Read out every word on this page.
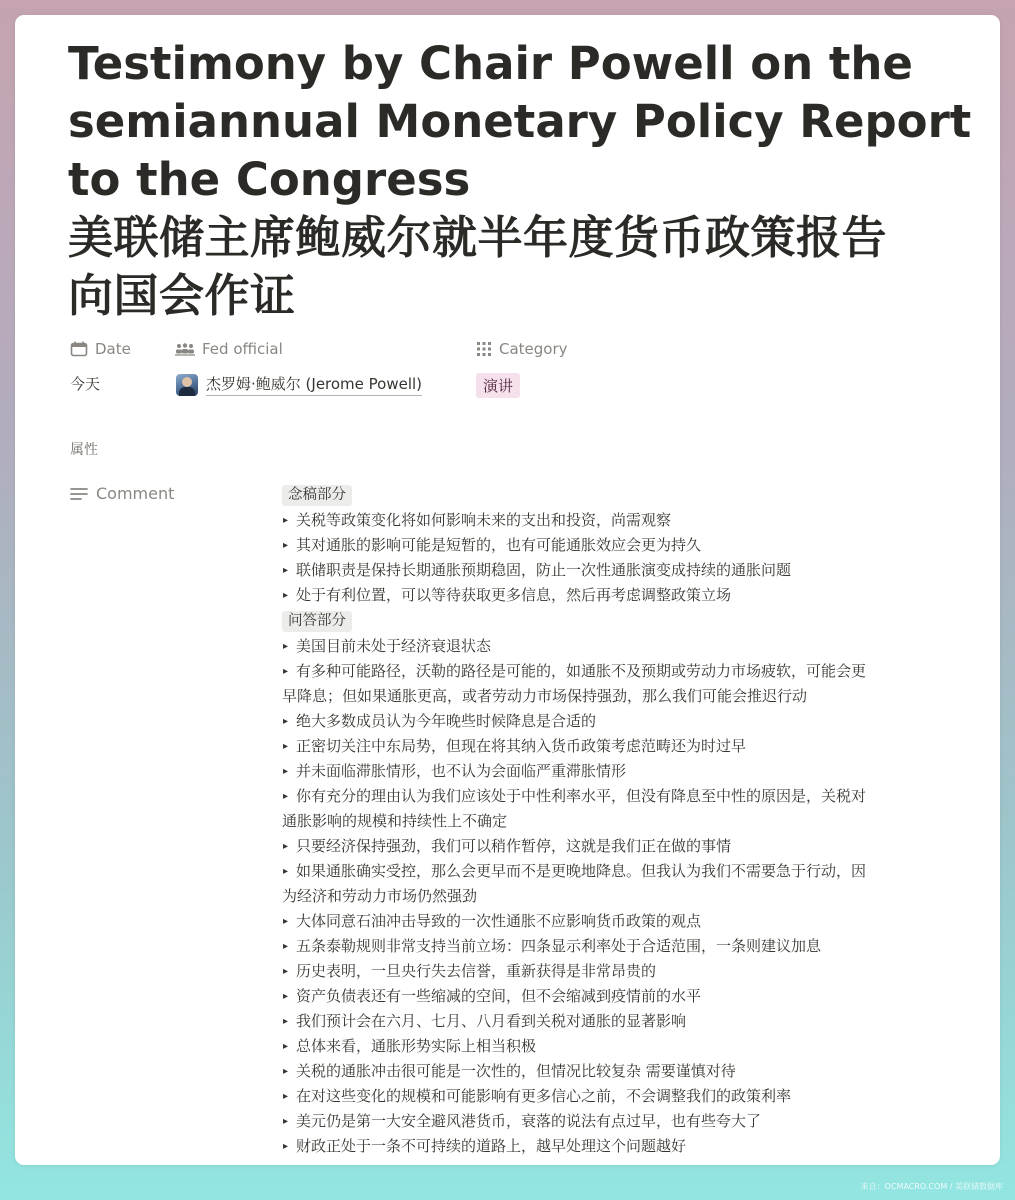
Testimony by Chair Powell on the
semiannual Monetary Policy Report
to the Congress
美联储主席鲍威尔就半年度货币政策报告
向国会作证
Date	Fed official	Category
今天	杰罗姆·鲍威尔 (Jerome Powell)	演讲
属性
Comment	念稿部分
▸ 关税等政策变化将如何影响未来的支出和投资，尚需观察
▸ 其对通胀的影响可能是短暂的，也有可能通胀效应会更为持久
▸ 联储职责是保持长期通胀预期稳固，防止一次性通胀演变成持续的通胀问题
▸ 处于有利位置，可以等待获取更多信息，然后再考虑调整政策立场
问答部分
▸ 美国目前未处于经济衰退状态
▸ 有多种可能路径，沃勒的路径是可能的，如通胀不及预期或劳动力市场疲软，可能会更
早降息；但如果通胀更高，或者劳动力市场保持强劲，那么我们可能会推迟行动
▸ 绝大多数成员认为今年晚些时候降息是合适的
▸ 正密切关注中东局势，但现在将其纳入货币政策考虑范畴还为时过早
▸ 并未面临滞胀情形，也不认为会面临严重滞胀情形
▸ 你有充分的理由认为我们应该处于中性利率水平，但没有降息至中性的原因是，关税对
通胀影响的规模和持续性上不确定
▸ 只要经济保持强劲，我们可以稍作暂停，这就是我们正在做的事情
▸ 如果通胀确实受控，那么会更早而不是更晚地降息。但我认为我们不需要急于行动，因
为经济和劳动力市场仍然强劲
▸ 大体同意石油冲击导致的一次性通胀不应影响货币政策的观点
▸ 五条泰勒规则非常支持当前立场：四条显示利率处于合适范围，一条则建议加息
▸ 历史表明，一旦央行失去信誉，重新获得是非常昂贵的
▸ 资产负债表还有一些缩减的空间，但不会缩减到疫情前的水平
▸ 我们预计会在六月、七月、八月看到关税对通胀的显著影响
▸ 总体来看，通胀形势实际上相当积极
▸ 关税的通胀冲击很可能是一次性的，但情况比较复杂 需要谨慎对待
▸ 在对这些变化的规模和可能影响有更多信心之前，不会调整我们的政策利率
▸ 美元仍是第一大安全避风港货币，衰落的说法有点过早，也有些夸大了
▸ 财政正处于一条不可持续的道路上，越早处理这个问题越好
来自：OCMACRO.COM / 美联储数据库
